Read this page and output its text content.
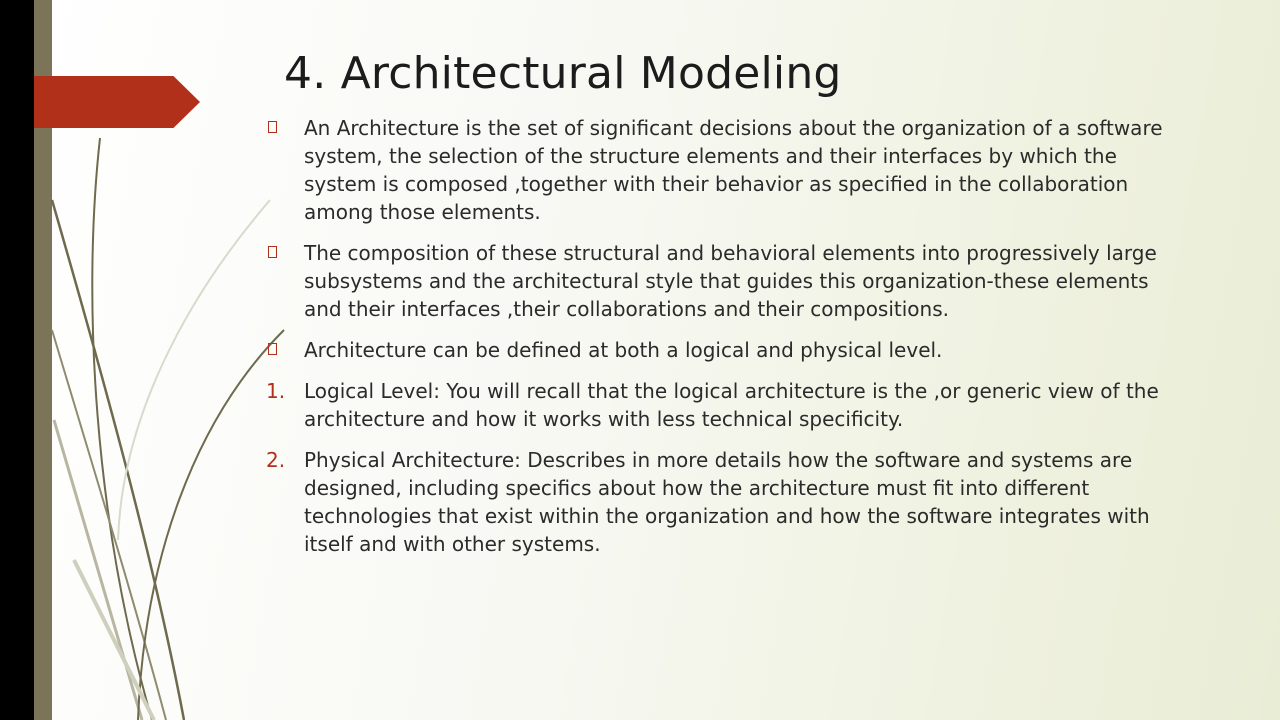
4. Architectural Modeling
An Architecture is the set of significant decisions about the organization of a software system, the selection of the structure elements and their interfaces by which the system is composed ,together with their behavior as specified in the collaboration among those elements.
The composition of these structural and behavioral elements into progressively large subsystems and the architectural style that guides this organization-these elements and their interfaces ,their collaborations and their compositions.
Architecture can be defined at both a logical and physical level.
1. Logical Level: You will recall that the logical architecture is the ,or generic view of the architecture and how it works with less technical specificity.
2. Physical Architecture: Describes in more details how the software and systems are designed, including specifics about how the architecture must fit into different technologies that exist within the organization and how the software integrates with itself and with other systems.
